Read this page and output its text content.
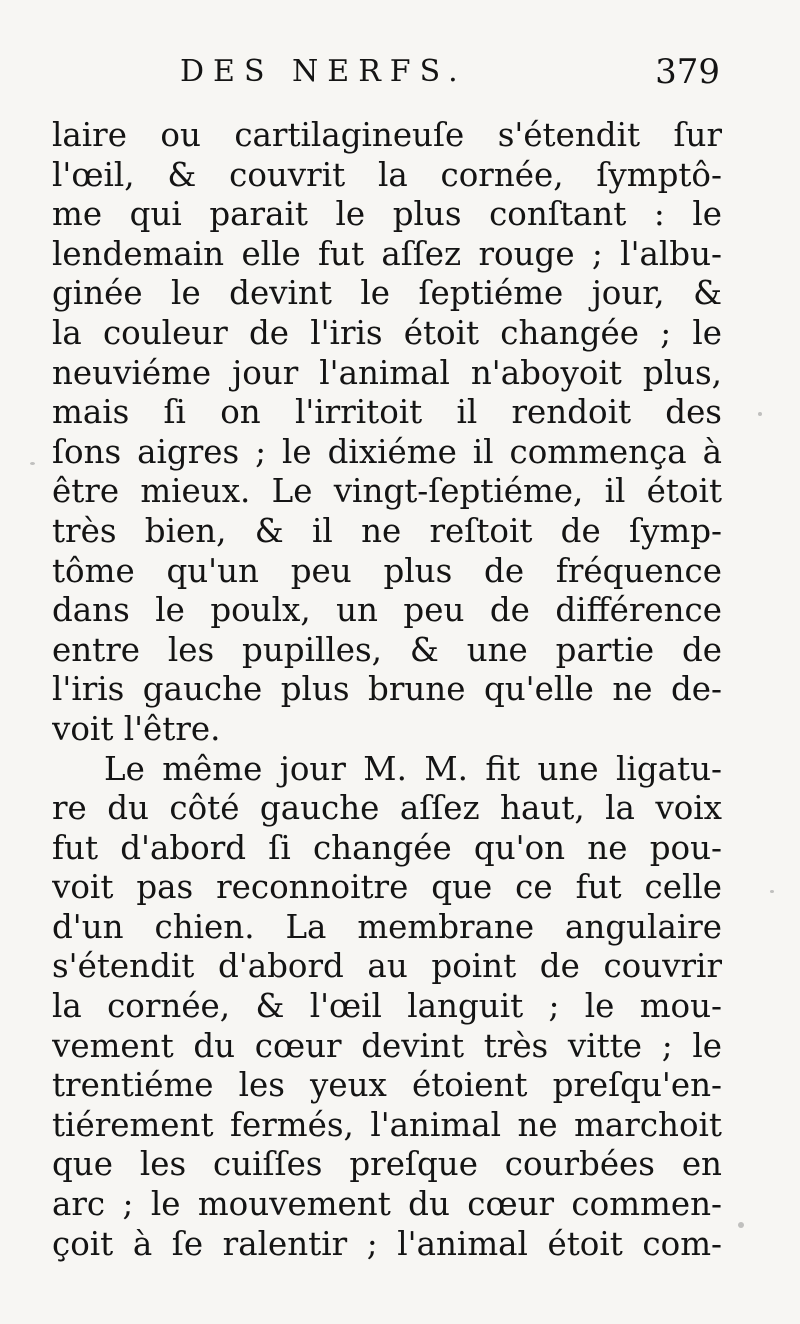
DES NERFS.	379
laire ou cartilagineuſe s'étendit ſur
l'œil, & couvrit la cornée, ſymptô-
me qui parait le plus conſtant : le
lendemain elle fut aſſez rouge ; l'albu-
ginée le devint le ſeptiéme jour, &
la couleur de l'iris étoit changée ; le
neuviéme jour l'animal n'aboyoit plus,
mais ſi on l'irritoit il rendoit des
ſons aigres ; le dixiéme il commença à
être mieux. Le vingt-ſeptiéme, il étoit
très bien, & il ne reſtoit de ſymp-
tôme qu'un peu plus de fréquence
dans le poulx, un peu de différence
entre les pupilles, & une partie de
l'iris gauche plus brune qu'elle ne de-
voit l'être.
Le même jour M. M. fit une ligatu-
re du côté gauche aſſez haut, la voix
fut d'abord ſi changée qu'on ne pou-
voit pas reconnoitre que ce fut celle
d'un chien. La membrane angulaire
s'étendit d'abord au point de couvrir
la cornée, & l'œil languit ; le mou-
vement du cœur devint très vitte ; le
trentiéme les yeux étoient preſqu'en-
tiérement fermés, l'animal ne marchoit
que les cuiſſes preſque courbées en
arc ; le mouvement du cœur commen-
çoit à ſe ralentir ; l'animal étoit com-
